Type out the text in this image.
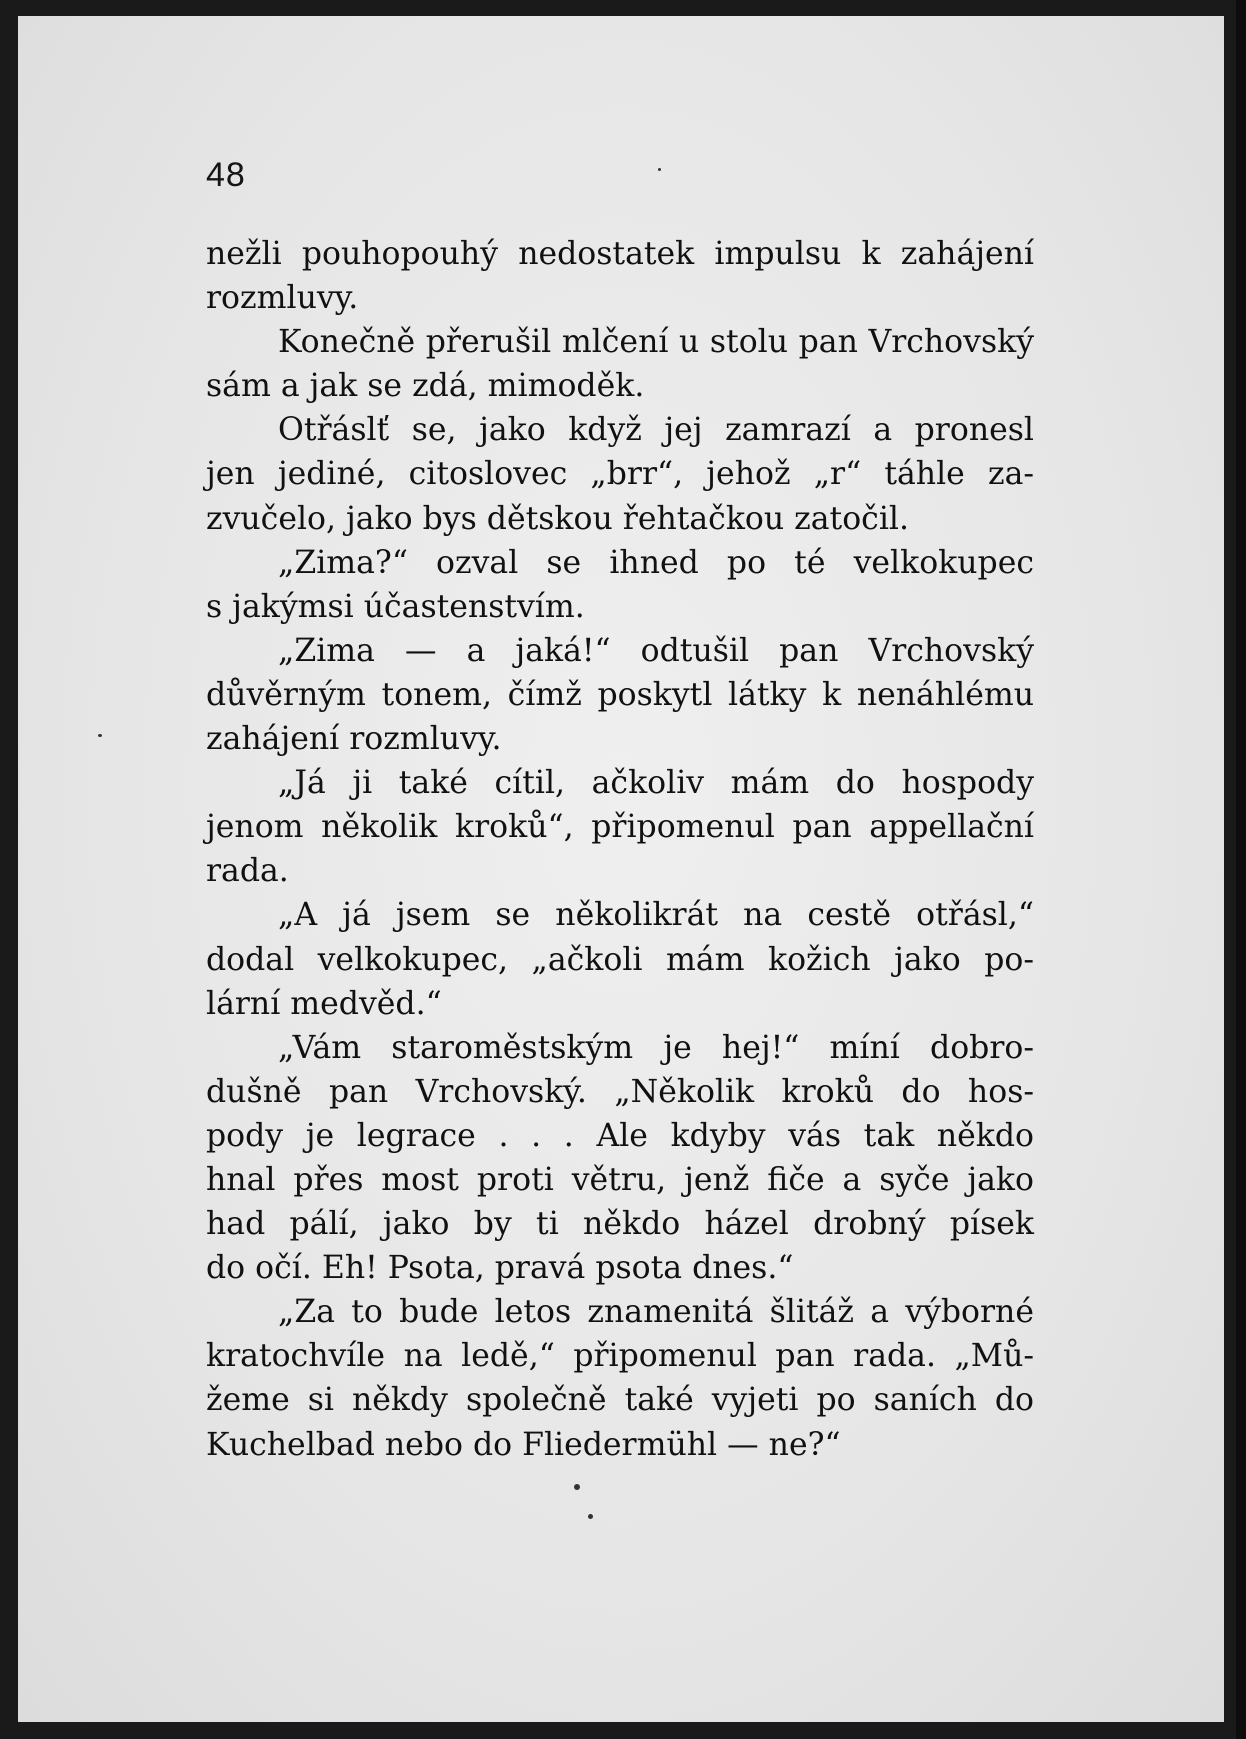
48
nežli pouhopouhý nedostatek impulsu k zahájení
rozmluvy.
Konečně přerušil mlčení u stolu pan Vrchovský
sám a jak se zdá, mimoděk.
Otřáslť se, jako když jej zamrazí a pronesl
jen jediné, citoslovec „brr“, jehož „r“ táhle za-
zvučelo, jako bys dětskou řehtačkou zatočil.
„Zima?“ ozval se ihned po té velkokupec
s jakýmsi účastenstvím.
„Zima — a jaká!“ odtušil pan Vrchovský
důvěrným tonem, čímž poskytl látky k nenáhlému
zahájení rozmluvy.
„Já ji také cítil, ačkoliv mám do hospody
jenom několik kroků“, připomenul pan appellační
rada.
„A já jsem se několikrát na cestě otřásl,“
dodal velkokupec, „ačkoli mám kožich jako po-
lární medvěd.“
„Vám staroměstským je hej!“ míní dobro-
dušně pan Vrchovský. „Několik kroků do hos-
pody je legrace . . . Ale kdyby vás tak někdo
hnal přes most proti větru, jenž fiče a syče jako
had pálí, jako by ti někdo házel drobný písek
do očí. Eh! Psota, pravá psota dnes.“
„Za to bude letos znamenitá šlitáž a výborné
kratochvíle na ledě,“ připomenul pan rada. „Mů-
žeme si někdy společně také vyjeti po saních do
Kuchelbad nebo do Fliedermühl — ne?“
